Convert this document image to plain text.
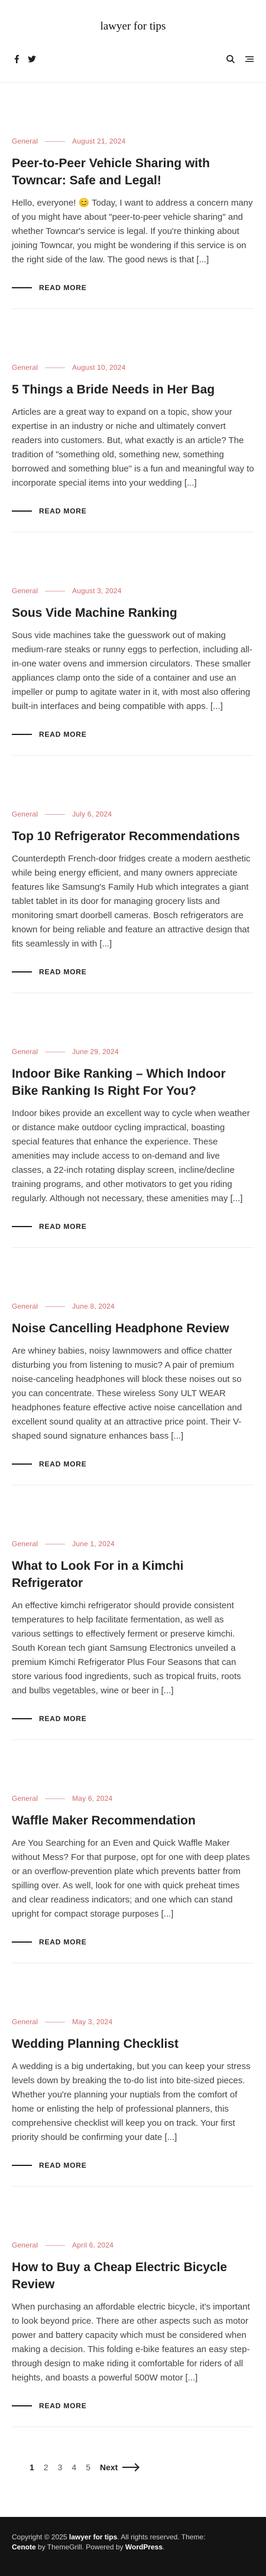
lawyer for tips
General	August 21, 2024
Peer-to-Peer Vehicle Sharing with Towncar: Safe and Legal!

Hello, everyone! 😊 Today, I want to address a concern many of you might have about "peer-to-peer vehicle sharing" and whether Towncar's service is legal. If you're thinking about joining Towncar, you might be wondering if this service is on the right side of the law. The good news is that [...]

READ MORE
General	August 10, 2024
5 Things a Bride Needs in Her Bag

Articles are a great way to expand on a topic, show your expertise in an industry or niche and ultimately convert readers into customers. But, what exactly is an article? The tradition of "something old, something new, something borrowed and something blue" is a fun and meaningful way to incorporate special items into your wedding [...]

READ MORE
General	August 3, 2024
Sous Vide Machine Ranking

Sous vide machines take the guesswork out of making medium-rare steaks or runny eggs to perfection, including all-in-one water ovens and immersion circulators. These smaller appliances clamp onto the side of a container and use an impeller or pump to agitate water in it, with most also offering built-in interfaces and being compatible with apps. [...]

READ MORE
General	July 6, 2024
Top 10 Refrigerator Recommendations

Counterdepth French-door fridges create a modern aesthetic while being energy efficient, and many owners appreciate features like Samsung's Family Hub which integrates a giant tablet tablet in its door for managing grocery lists and monitoring smart doorbell cameras. Bosch refrigerators are known for being reliable and feature an attractive design that fits seamlessly in with [...]

READ MORE
General	June 29, 2024
Indoor Bike Ranking – Which Indoor Bike Ranking Is Right For You?

Indoor bikes provide an excellent way to cycle when weather or distance make outdoor cycling impractical, boasting special features that enhance the experience. These amenities may include access to on-demand and live classes, a 22-inch rotating display screen, incline/decline training programs, and other motivators to get you riding regularly. Although not necessary, these amenities may [...]

READ MORE
General	June 8, 2024
Noise Cancelling Headphone Review

Are whiney babies, noisy lawnmowers and office chatter disturbing you from listening to music? A pair of premium noise-canceling headphones will block these noises out so you can concentrate. These wireless Sony ULT WEAR headphones feature effective active noise cancellation and excellent sound quality at an attractive price point. Their V-shaped sound signature enhances bass [...]

READ MORE
General	June 1, 2024
What to Look For in a Kimchi Refrigerator

An effective kimchi refrigerator should provide consistent temperatures to help facilitate fermentation, as well as various settings to effectively ferment or preserve kimchi. South Korean tech giant Samsung Electronics unveiled a premium Kimchi Refrigerator Plus Four Seasons that can store various food ingredients, such as tropical fruits, roots and bulbs vegetables, wine or beer in [...]

READ MORE
General	May 6, 2024
Waffle Maker Recommendation

Are You Searching for an Even and Quick Waffle Maker without Mess? For that purpose, opt for one with deep plates or an overflow-prevention plate which prevents batter from spilling over. As well, look for one with quick preheat times and clear readiness indicators; and one which can stand upright for compact storage purposes [...]

READ MORE
General	May 3, 2024
Wedding Planning Checklist

A wedding is a big undertaking, but you can keep your stress levels down by breaking the to-do list into bite-sized pieces. Whether you're planning your nuptials from the comfort of home or enlisting the help of professional planners, this comprehensive checklist will keep you on track. Your first priority should be confirming your date [...]

READ MORE
General	April 6, 2024
How to Buy a Cheap Electric Bicycle Review

When purchasing an affordable electric bicycle, it's important to look beyond price. There are other aspects such as motor power and battery capacity which must be considered when making a decision. This folding e-bike features an easy step-through design to make riding it comfortable for riders of all heights, and boasts a powerful 500W motor [...]

READ MORE
1 2 3 4 5 Next
Copyright © 2025 lawyer for tips. All rights reserved. Theme:
Cenote by ThemeGrill. Powered by WordPress.
